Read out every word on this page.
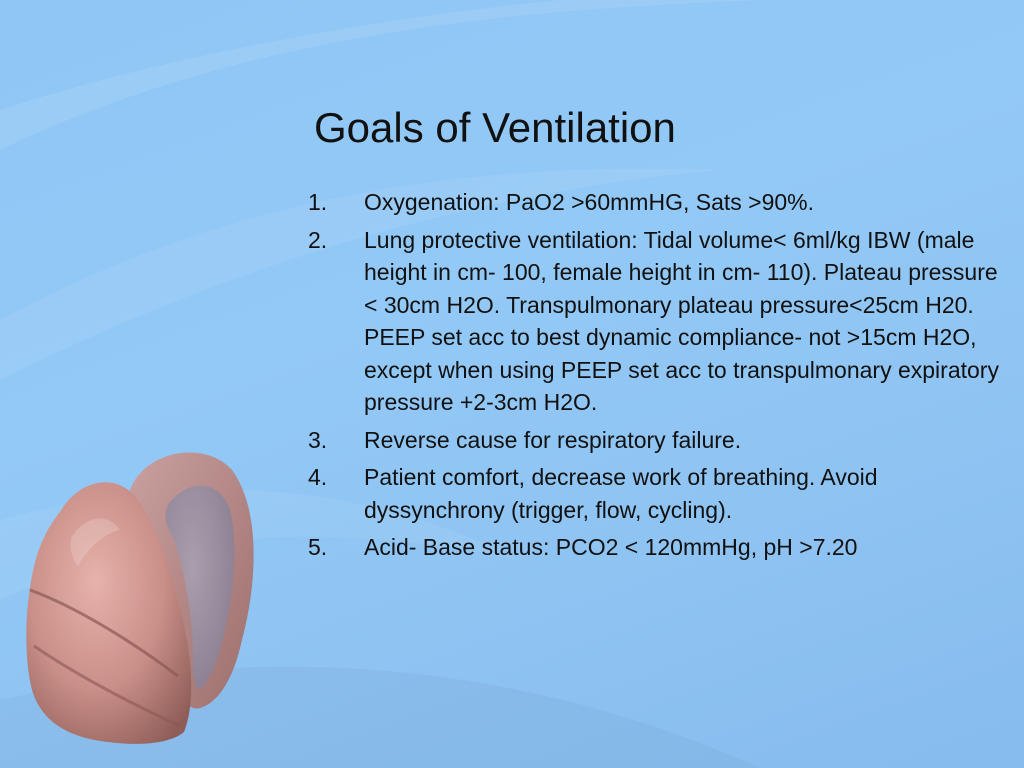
Goals of Ventilation
1. Oxygenation: PaO2 >60mmHG, Sats >90%.
2. Lung protective ventilation: Tidal volume< 6ml/kg IBW (male height in cm- 100, female height in cm- 110). Plateau pressure < 30cm H2O. Transpulmonary plateau pressure<25cm H20. PEEP set acc to best dynamic compliance- not >15cm H2O, except when using PEEP set acc to transpulmonary expiratory pressure +2-3cm H2O.
3. Reverse cause for respiratory failure.
4. Patient comfort, decrease work of breathing. Avoid dyssynchrony (trigger, flow, cycling).
5. Acid- Base status: PCO2 < 120mmHg, pH >7.20
